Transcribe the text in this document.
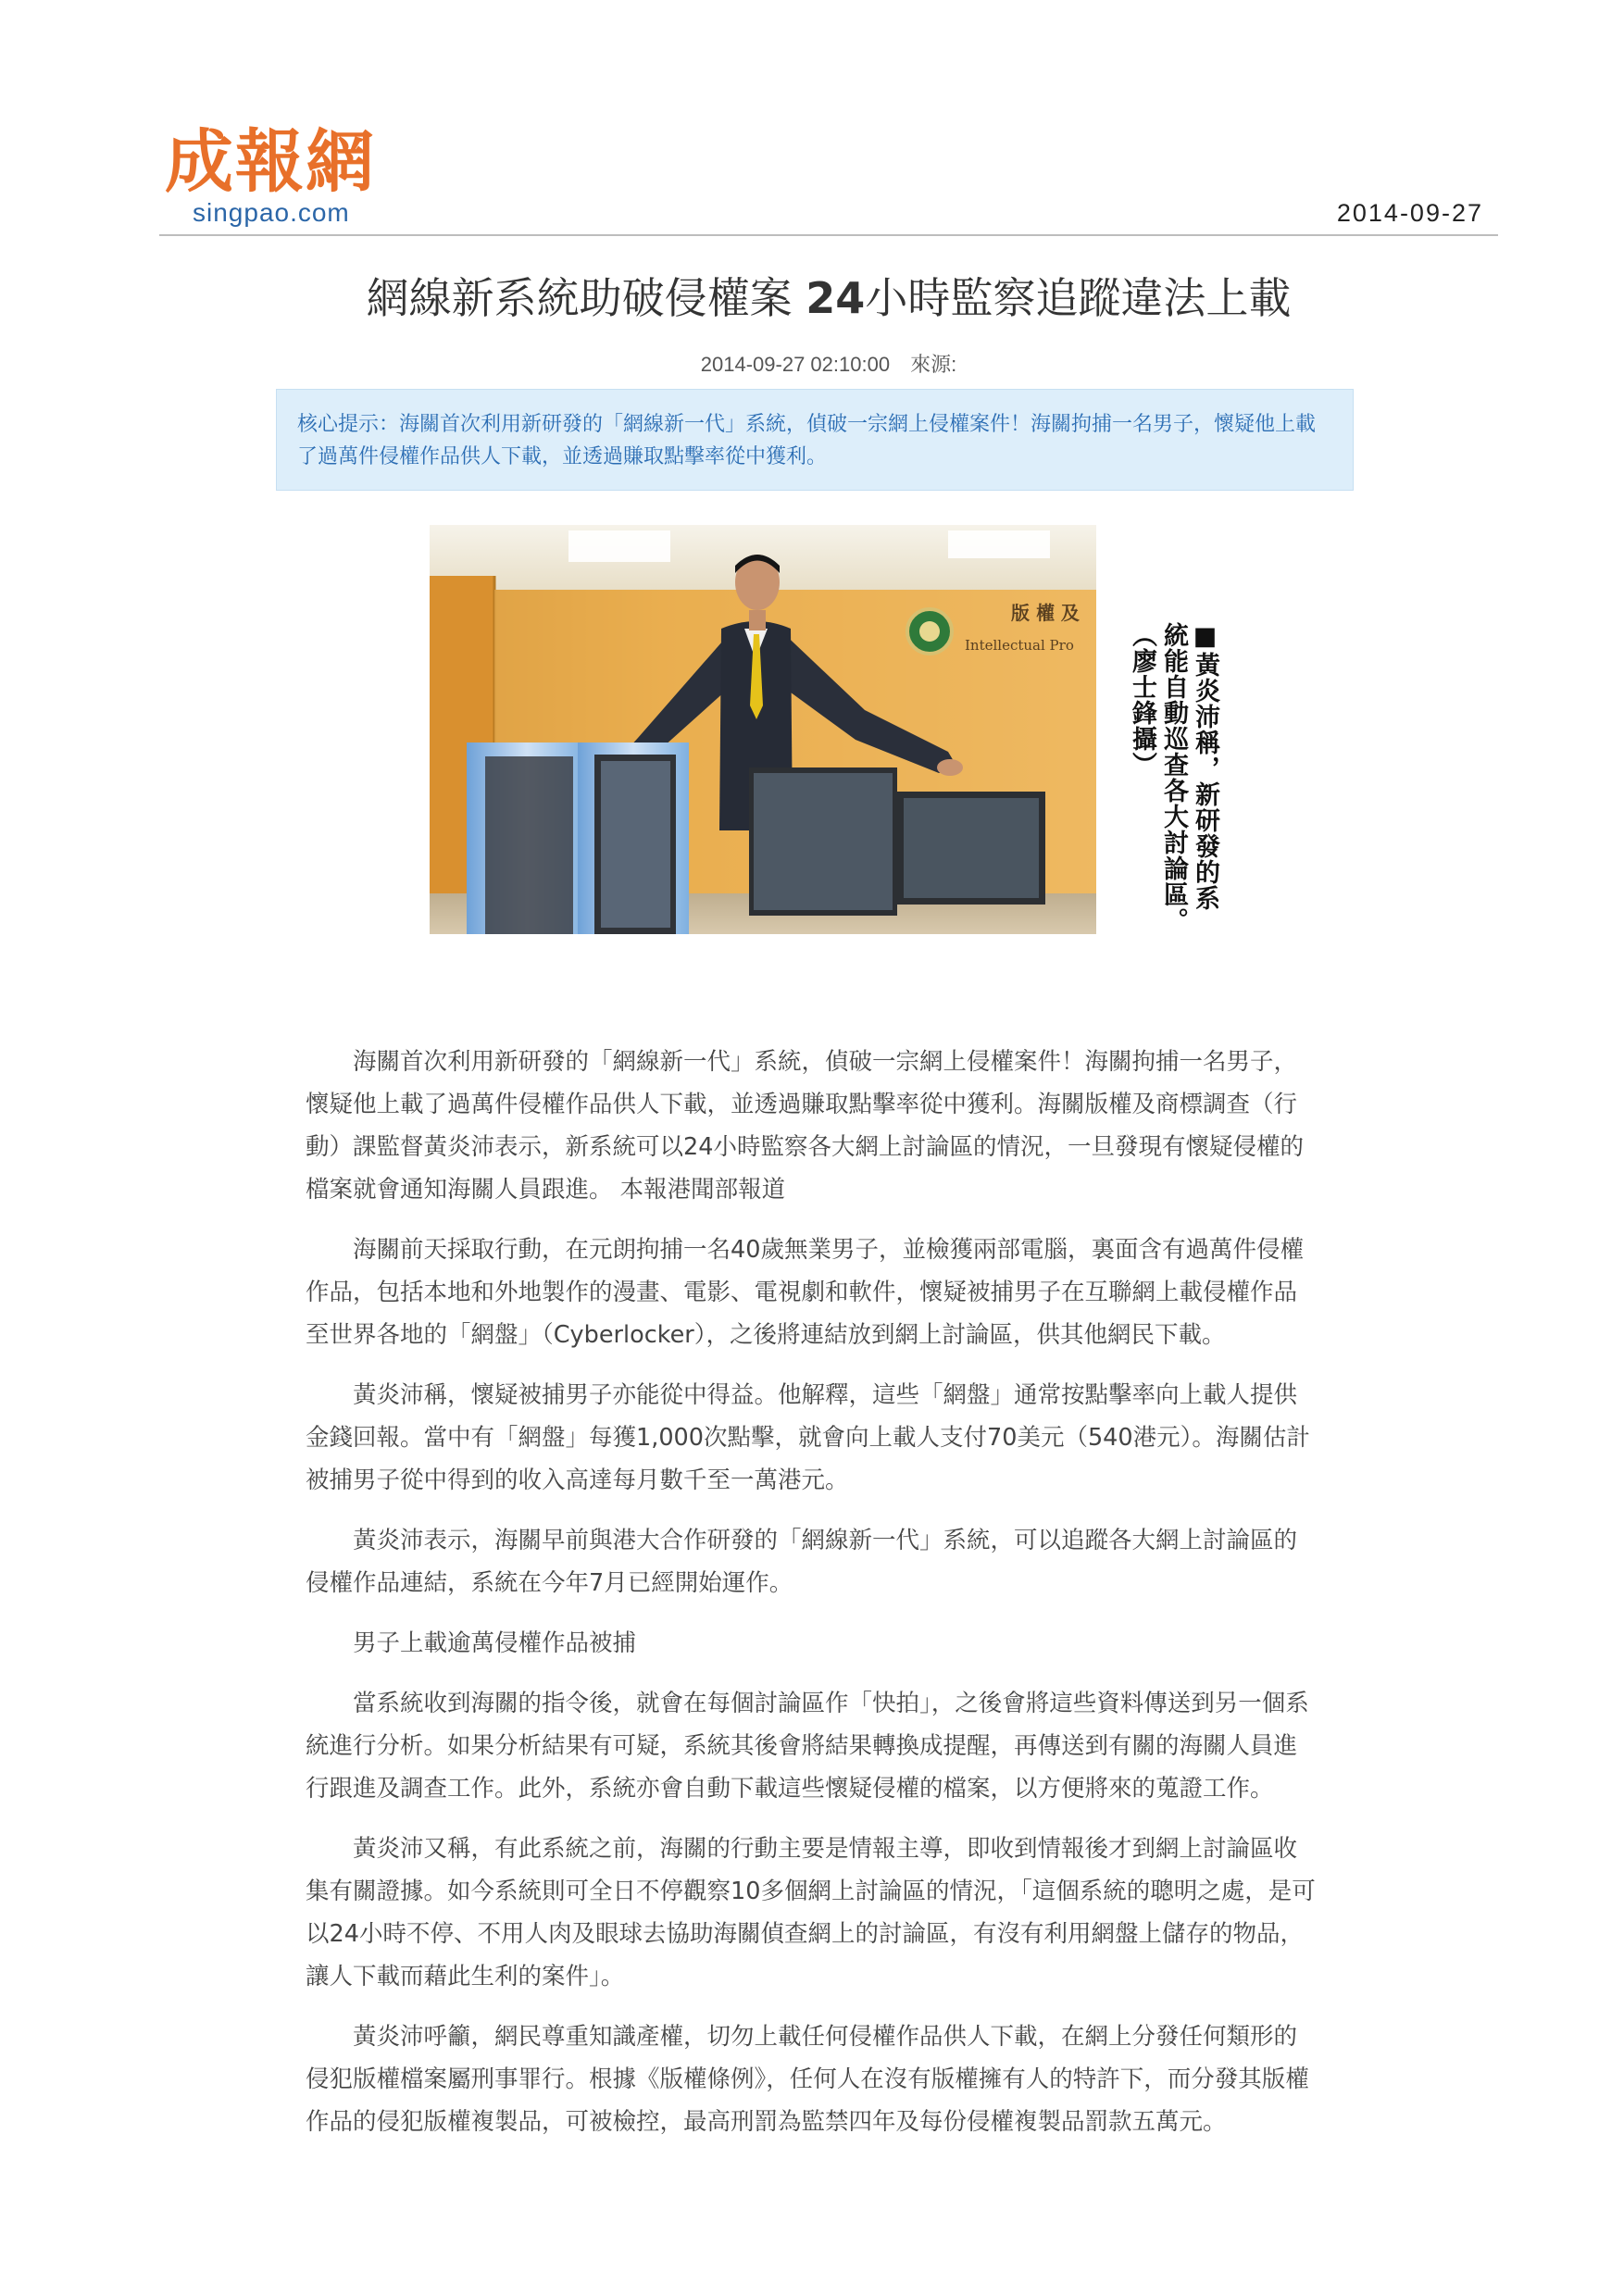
成報網
singpao.com	2014-09-27
網線新系統助破侵權案 24小時監察追蹤違法上載
2014-09-27 02:10:00 來源:
核心提示：海關首次利用新研發的「網線新一代」系統，偵破一宗網上侵權案件！海關拘捕一名男子，懷疑他上載了過萬件侵權作品供人下載，並透過賺取點擊率從中獲利。
版 權 及
Intellectual Pro	■黃炎沛稱，新研發的系統能自動巡查各大討論區。（廖士鋒攝）

海關首次利用新研發的「網線新一代」系統，偵破一宗網上侵權案件！海關拘捕一名男子，懷疑他上載了過萬件侵權作品供人下載，並透過賺取點擊率從中獲利。海關版權及商標調查（行動）課監督黃炎沛表示，新系統可以24小時監察各大網上討論區的情況，一旦發現有懷疑侵權的檔案就會通知海關人員跟進。 本報港聞部報道

海關前天採取行動，在元朗拘捕一名40歲無業男子，並檢獲兩部電腦，裏面含有過萬件侵權作品，包括本地和外地製作的漫畫、電影、電視劇和軟件，懷疑被捕男子在互聯網上載侵權作品至世界各地的「網盤」（Cyberlocker），之後將連結放到網上討論區，供其他網民下載。

黃炎沛稱，懷疑被捕男子亦能從中得益。他解釋，這些「網盤」通常按點擊率向上載人提供金錢回報。當中有「網盤」每獲1,000次點擊，就會向上載人支付70美元（540港元）。海關估計被捕男子從中得到的收入高達每月數千至一萬港元。

黃炎沛表示，海關早前與港大合作研發的「網線新一代」系統，可以追蹤各大網上討論區的侵權作品連結，系統在今年7月已經開始運作。

男子上載逾萬侵權作品被捕

當系統收到海關的指令後，就會在每個討論區作「快拍」，之後會將這些資料傳送到另一個系統進行分析。如果分析結果有可疑，系統其後會將結果轉換成提醒，再傳送到有關的海關人員進行跟進及調查工作。此外，系統亦會自動下載這些懷疑侵權的檔案，以方便將來的蒐證工作。

黃炎沛又稱，有此系統之前，海關的行動主要是情報主導，即收到情報後才到網上討論區收集有關證據。如今系統則可全日不停觀察10多個網上討論區的情況，「這個系統的聰明之處，是可以24小時不停、不用人肉及眼球去協助海關偵查網上的討論區，有沒有利用網盤上儲存的物品，讓人下載而藉此生利的案件」。

黃炎沛呼籲，網民尊重知識產權，切勿上載任何侵權作品供人下載，在網上分發任何類形的侵犯版權檔案屬刑事罪行。根據《版權條例》，任何人在沒有版權擁有人的特許下，而分發其版權作品的侵犯版權複製品，可被檢控，最高刑罰為監禁四年及每份侵權複製品罰款五萬元。
